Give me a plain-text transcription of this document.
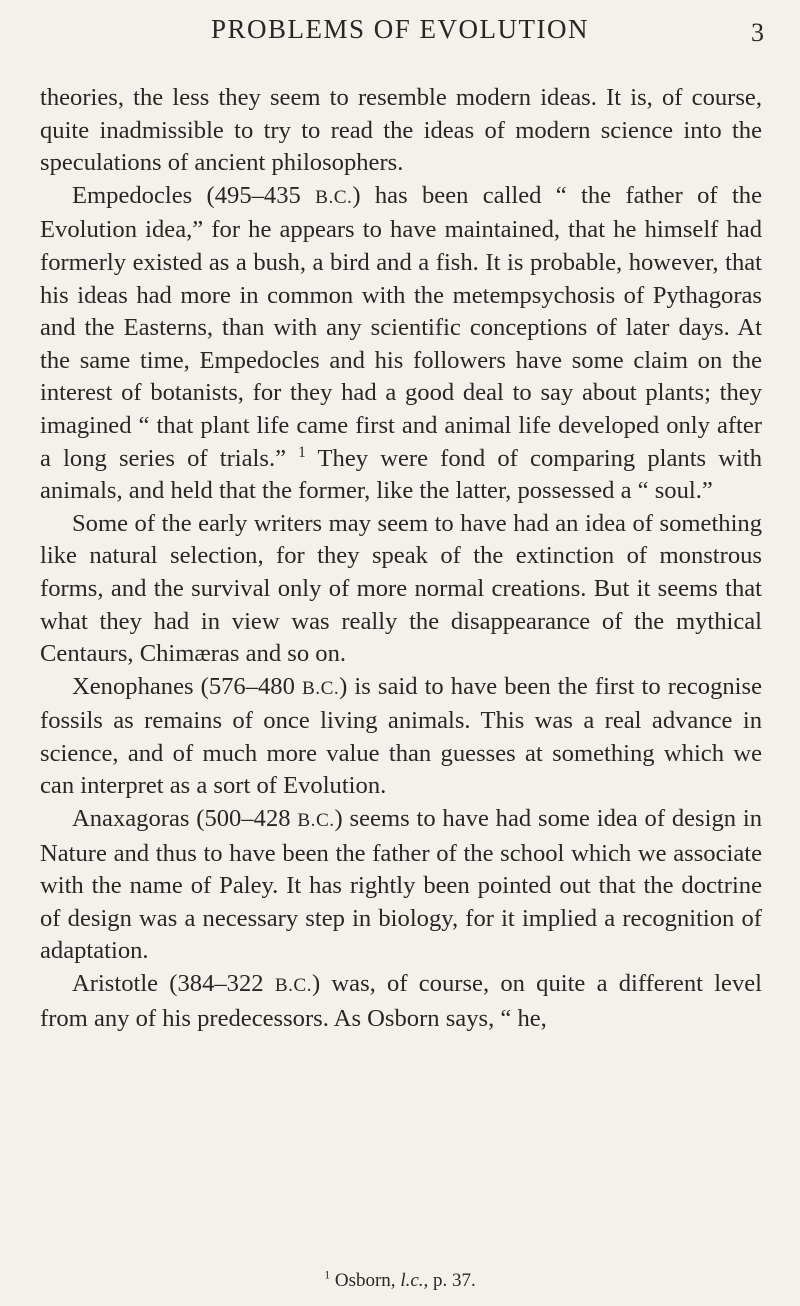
PROBLEMS OF EVOLUTION	3

theories, the less they seem to resemble modern ideas. It is, of course, quite inadmissible to try to read the ideas of modern science into the speculations of ancient philosophers.

Empedocles (495–435 B.C.) has been called “ the father of the Evolution idea,” for he appears to have maintained, that he himself had formerly existed as a bush, a bird and a fish. It is probable, however, that his ideas had more in common with the metempsychosis of Pythagoras and the Easterns, than with any scientific conceptions of later days. At the same time, Empedocles and his followers have some claim on the interest of botanists, for they had a good deal to say about plants; they imagined “ that plant life came first and animal life developed only after a long series of trials.” $^1$ They were fond of comparing plants with animals, and held that the former, like the latter, possessed a “ soul.”

Some of the early writers may seem to have had an idea of something like natural selection, for they speak of the extinction of monstrous forms, and the survival only of more normal creations. But it seems that what they had in view was really the disappearance of the mythical Centaurs, Chimæras and so on.

Xenophanes (576–480 B.C.) is said to have been the first to recognise fossils as remains of once living animals. This was a real advance in science, and of much more value than guesses at something which we can interpret as a sort of Evolution.

Anaxagoras (500–428 B.C.) seems to have had some idea of design in Nature and thus to have been the father of the school which we associate with the name of Paley. It has rightly been pointed out that the doctrine of design was a necessary step in biology, for it implied a recognition of adaptation.

Aristotle (384–322 B.C.) was, of course, on quite a different level from any of his predecessors. As Osborn says, “ he,

$^1$ Osborn, l.c., p. 37.
